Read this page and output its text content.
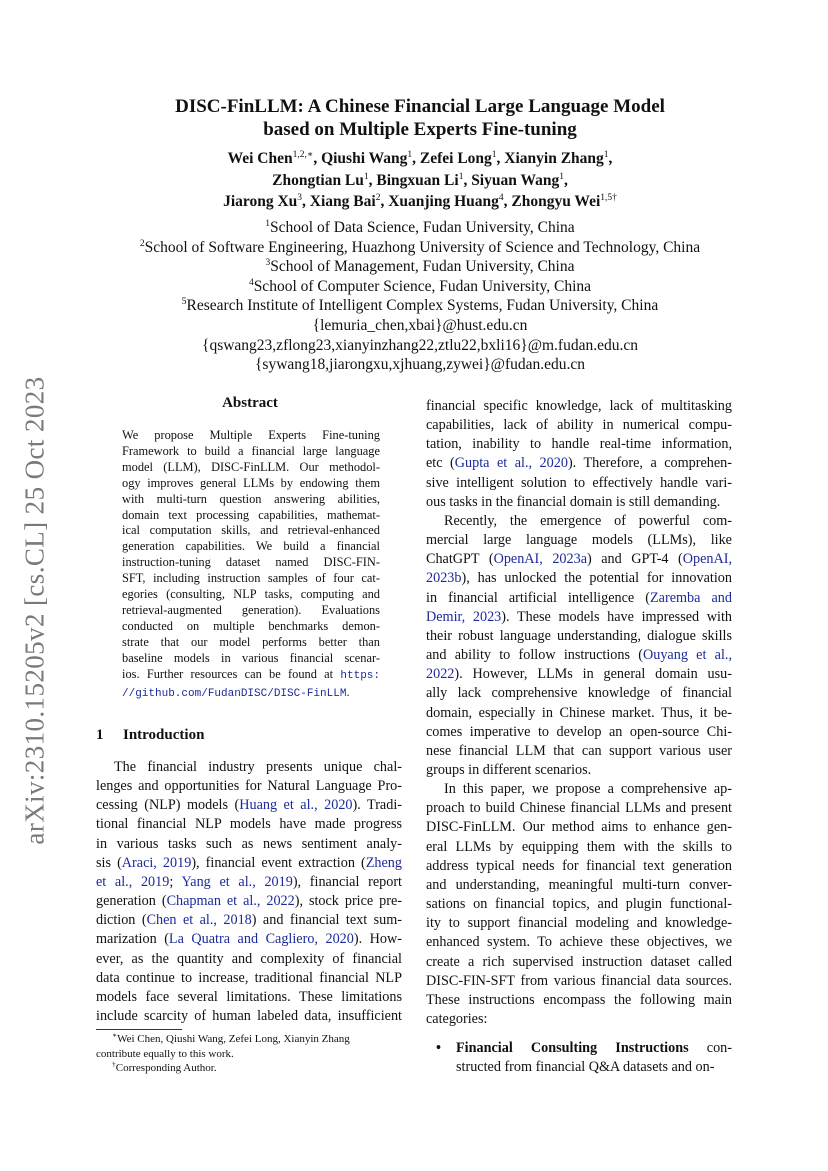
arXiv:2310.15205v2 [cs.CL] 25 Oct 2023
DISC-FinLLM: A Chinese Financial Large Language Model
based on Multiple Experts Fine-tuning
Wei Chen$^{1,2,∗}$, Qiushi Wang$^1$, Zefei Long$^1$, Xianyin Zhang$^1$,
Zhongtian Lu$^1$, Bingxuan Li$^1$, Siyuan Wang$^1$,
Jiarong Xu$^3$, Xiang Bai$^2$, Xuanjing Huang$^4$, Zhongyu Wei$^{1,5\dagger}$
$^1$School of Data Science, Fudan University, China
$^2$School of Software Engineering, Huazhong University of Science and Technology, China
$^3$School of Management, Fudan University, China
$^4$School of Computer Science, Fudan University, China
$^5$Research Institute of Intelligent Complex Systems, Fudan University, China
{lemuria_chen,xbai}@hust.edu.cn
{qswang23,zflong23,xianyinzhang22,ztlu22,bxli16}@m.fudan.edu.cn
{sywang18,jiarongxu,xjhuang,zywei}@fudan.edu.cn
Abstract
We propose Multiple Experts Fine-tuning
Framework to build a financial large language
model (LLM), DISC-FinLLM. Our methodol-
ogy improves general LLMs by endowing them
with multi-turn question answering abilities,
domain text processing capabilities, mathemat-
ical computation skills, and retrieval-enhanced
generation capabilities. We build a financial
instruction-tuning dataset named DISC-FIN-
SFT, including instruction samples of four cat-
egories (consulting, NLP tasks, computing and
retrieval-augmented generation). Evaluations
conducted on multiple benchmarks demon-
strate that our model performs better than
baseline models in various financial scenar-
ios. Further resources can be found at https:
//github.com/FudanDISC/DISC-FinLLM.
1 Introduction
The financial industry presents unique chal-
lenges and opportunities for Natural Language Pro-
cessing (NLP) models (Huang et al., 2020). Tradi-
tional financial NLP models have made progress
in various tasks such as news sentiment analy-
sis (Araci, 2019), financial event extraction (Zheng
et al., 2019; Yang et al., 2019), financial report
generation (Chapman et al., 2022), stock price pre-
diction (Chen et al., 2018) and financial text sum-
marization (La Quatra and Cagliero, 2020). How-
ever, as the quantity and complexity of financial
data continue to increase, traditional financial NLP
models face several limitations. These limitations
include scarcity of human labeled data, insufficient
financial specific knowledge, lack of multitasking
capabilities, lack of ability in numerical compu-
tation, inability to handle real-time information,
etc (Gupta et al., 2020). Therefore, a comprehen-
sive intelligent solution to effectively handle vari-
ous tasks in the financial domain is still demanding.
Recently, the emergence of powerful com-
mercial large language models (LLMs), like
ChatGPT (OpenAI, 2023a) and GPT-4 (OpenAI,
2023b), has unlocked the potential for innovation
in financial artificial intelligence (Zaremba and
Demir, 2023). These models have impressed with
their robust language understanding, dialogue skills
and ability to follow instructions (Ouyang et al.,
2022). However, LLMs in general domain usu-
ally lack comprehensive knowledge of financial
domain, especially in Chinese market. Thus, it be-
comes imperative to develop an open-source Chi-
nese financial LLM that can support various user
groups in different scenarios.
In this paper, we propose a comprehensive ap-
proach to build Chinese financial LLMs and present
DISC-FinLLM. Our method aims to enhance gen-
eral LLMs by equipping them with the skills to
address typical needs for financial text generation
and understanding, meaningful multi-turn conver-
sations on financial topics, and plugin functional-
ity to support financial modeling and knowledge-
enhanced system. To achieve these objectives, we
create a rich supervised instruction dataset called
DISC-FIN-SFT from various financial data sources.
These instructions encompass the following main
categories:
•	Financial Consulting Instructions con-
structed from financial Q&A datasets and on-
∗Wei Chen, Qiushi Wang, Zefei Long, Xianyin Zhang
contribute equally to this work.
†Corresponding Author.
